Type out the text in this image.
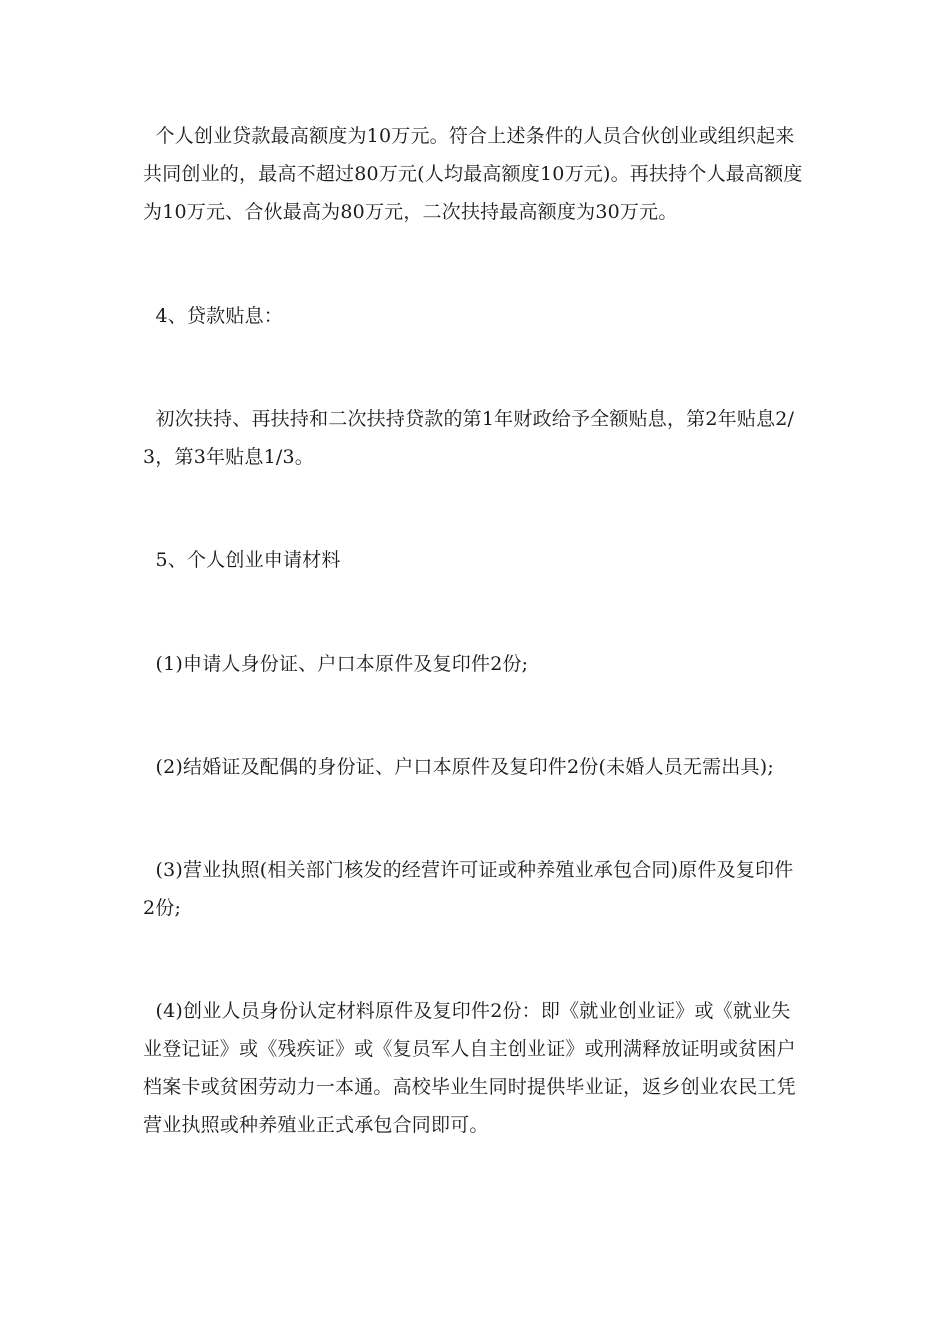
个人创业贷款最高额度为10万元。符合上述条件的人员合伙创业或组织起来共同创业的，最高不超过80万元(人均最高额度10万元)。再扶持个人最高额度为10万元、合伙最高为80万元，二次扶持最高额度为30万元。

4、贷款贴息：

初次扶持、再扶持和二次扶持贷款的第1年财政给予全额贴息，第2年贴息2/3，第3年贴息1/3。

5、个人创业申请材料

(1)申请人身份证、户口本原件及复印件2份;

(2)结婚证及配偶的身份证、户口本原件及复印件2份(未婚人员无需出具);

(3)营业执照(相关部门核发的经营许可证或种养殖业承包合同)原件及复印件2份;

(4)创业人员身份认定材料原件及复印件2份：即《就业创业证》或《就业失业登记证》或《残疾证》或《复员军人自主创业证》或刑满释放证明或贫困户档案卡或贫困劳动力一本通。高校毕业生同时提供毕业证，返乡创业农民工凭营业执照或种养殖业正式承包合同即可。
